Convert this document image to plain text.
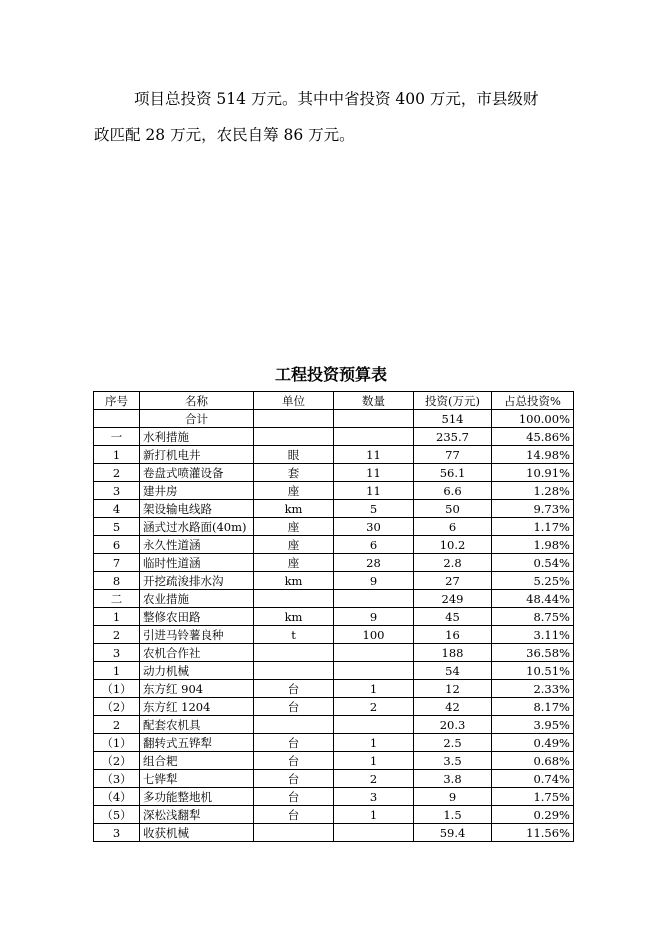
项目总投资 514 万元。其中中省投资 400 万元，市县级财

政匹配 28 万元，农民自筹 86 万元。

工程投资预算表
序号	名称	单位	数量	投资(万元)	占总投资%
	合计			514	100.00%
一	水利措施			235.7	45.86%
1	新打机电井	眼	11	77	14.98%
2	卷盘式喷灌设备	套	11	56.1	10.91%
3	建井房	座	11	6.6	1.28%
4	架设输电线路	km	5	50	9.73%
5	涵式过水路面(40m)	座	30	6	1.17%
6	永久性道涵	座	6	10.2	1.98%
7	临时性道涵	座	28	2.8	0.54%
8	开挖疏浚排水沟	km	9	27	5.25%
二	农业措施			249	48.44%
1	整修农田路	km	9	45	8.75%
2	引进马铃薯良种	t	100	16	3.11%
3	农机合作社			188	36.58%
1	动力机械			54	10.51%
（1）	东方红 904	台	1	12	2.33%
（2）	东方红 1204	台	2	42	8.17%
2	配套农机具			20.3	3.95%
（1）	翻转式五铧犁	台	1	2.5	0.49%
（2）	组合耙	台	1	3.5	0.68%
（3）	七铧犁	台	2	3.8	0.74%
（4）	多功能整地机	台	3	9	1.75%
（5）	深松浅翻犁	台	1	1.5	0.29%
3	收获机械			59.4	11.56%
